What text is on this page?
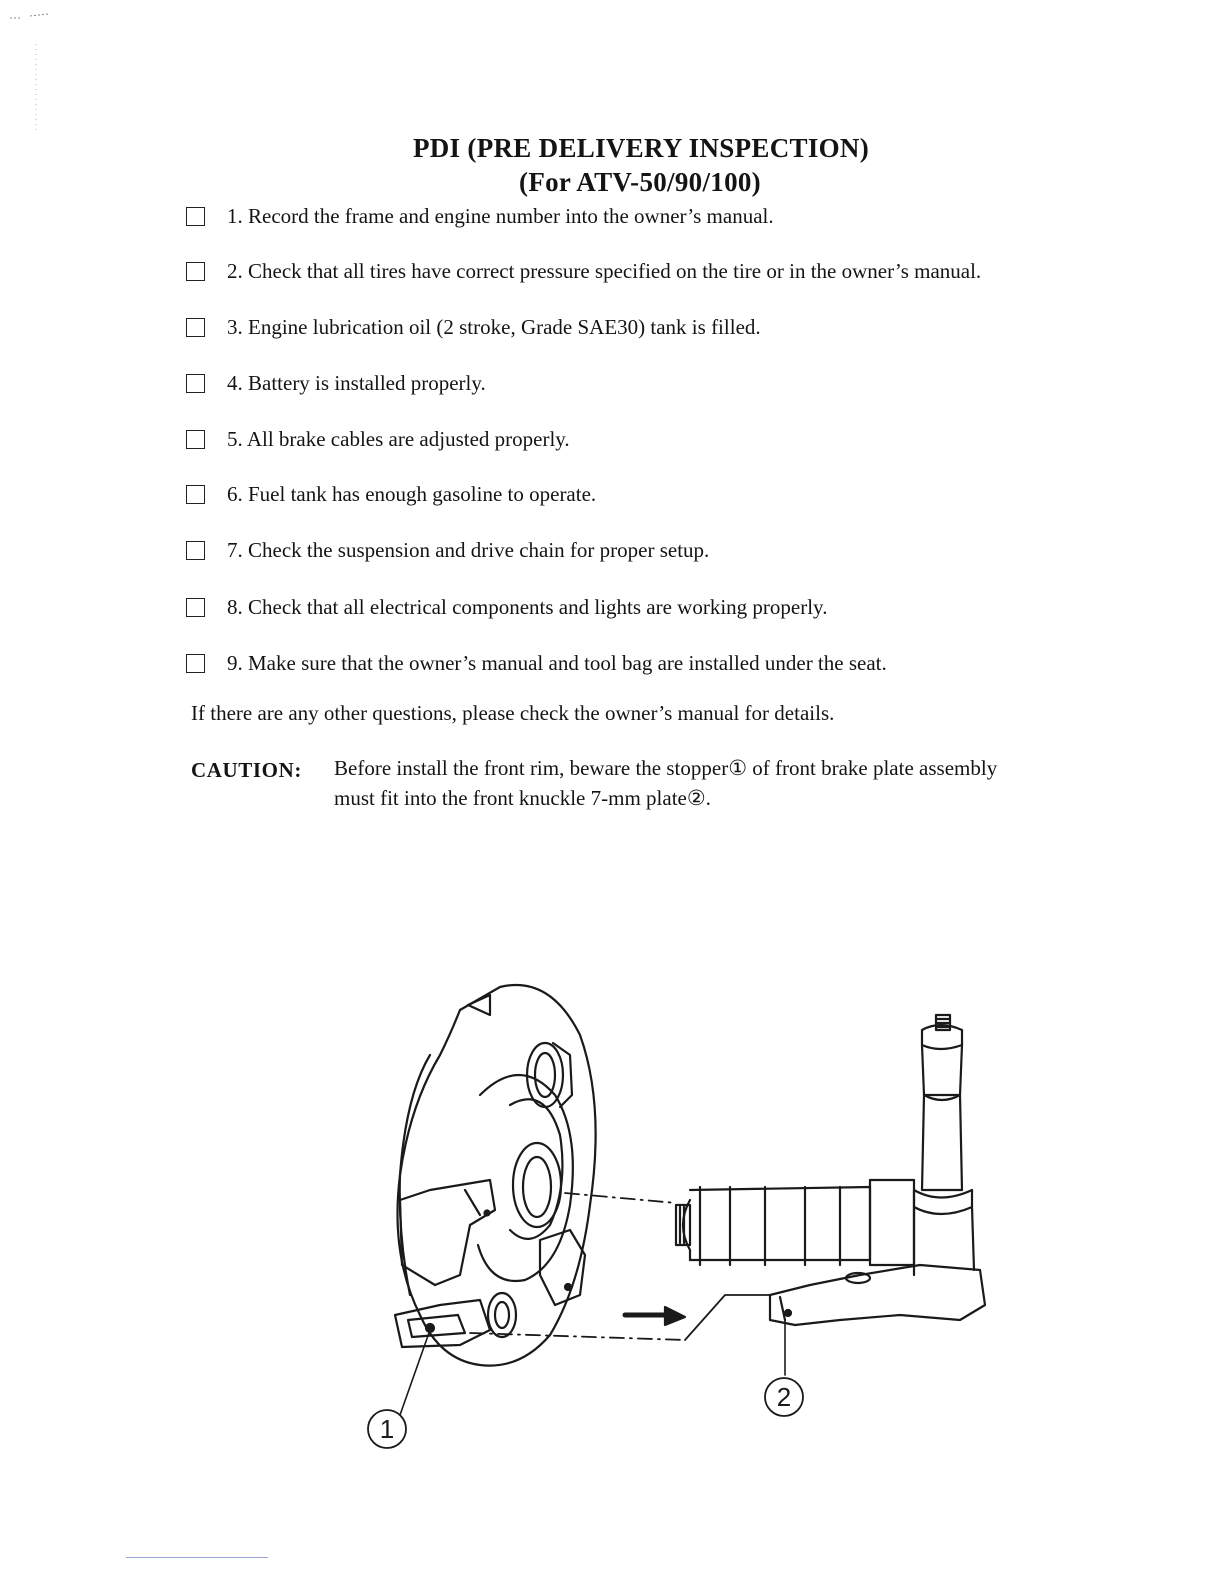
PDI (PRE DELIVERY INSPECTION)
(For ATV-50/90/100)
1. Record the frame and engine number into the owner’s manual.
2. Check that all tires have correct pressure specified on the tire or in the owner’s manual.
3. Engine lubrication oil (2 stroke, Grade SAE30) tank is filled.
4. Battery is installed properly.
5. All brake cables are adjusted properly.
6. Fuel tank has enough gasoline to operate.
7. Check the suspension and drive chain for proper setup.
8. Check that all electrical components and lights are working properly.
9. Make sure that the owner’s manual and tool bag are installed under the seat.
If there are any other questions, please check the owner’s manual for details.
CAUTION: Before install the front rim, beware the stopper① of front brake plate assembly
must fit into the front knuckle 7-mm plate②.
1
2
